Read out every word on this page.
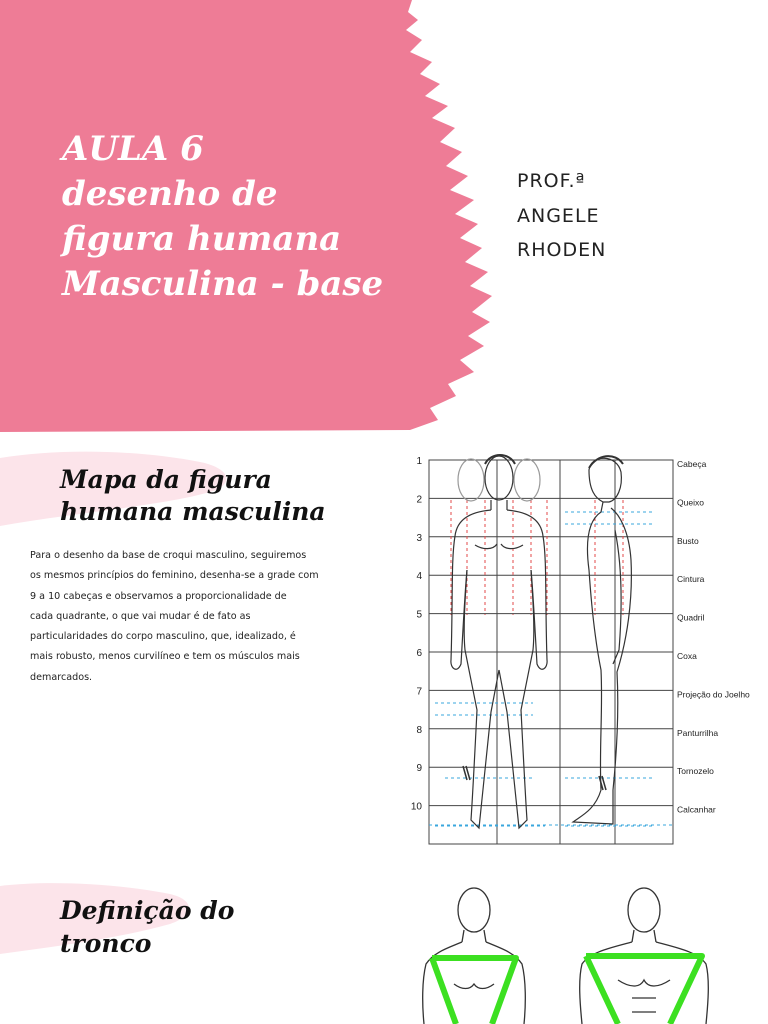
AULA 6
desenho de
figura humana
Masculina - base
PROF.ª
ANGELE
RHODEN
Mapa da figura
humana masculina
Para o desenho da base de croqui masculino, seguiremos
os mesmos princípios do feminino, desenha-se a grade com
9 a 10 cabeças e observamos a proporcionalidade de
cada quadrante, o que vai mudar é de fato as
particularidades do corpo masculino, que, idealizado, é
mais robusto, menos curvilíneo e tem os músculos mais
demarcados.
1
2
3
4
5
6
7
8
9
10
Cabeça
Queixo
Busto
Cintura
Quadril
Coxa
Projeção do Joelho
Panturrilha
Tornozelo
Calcanhar
Definição do
tronco
